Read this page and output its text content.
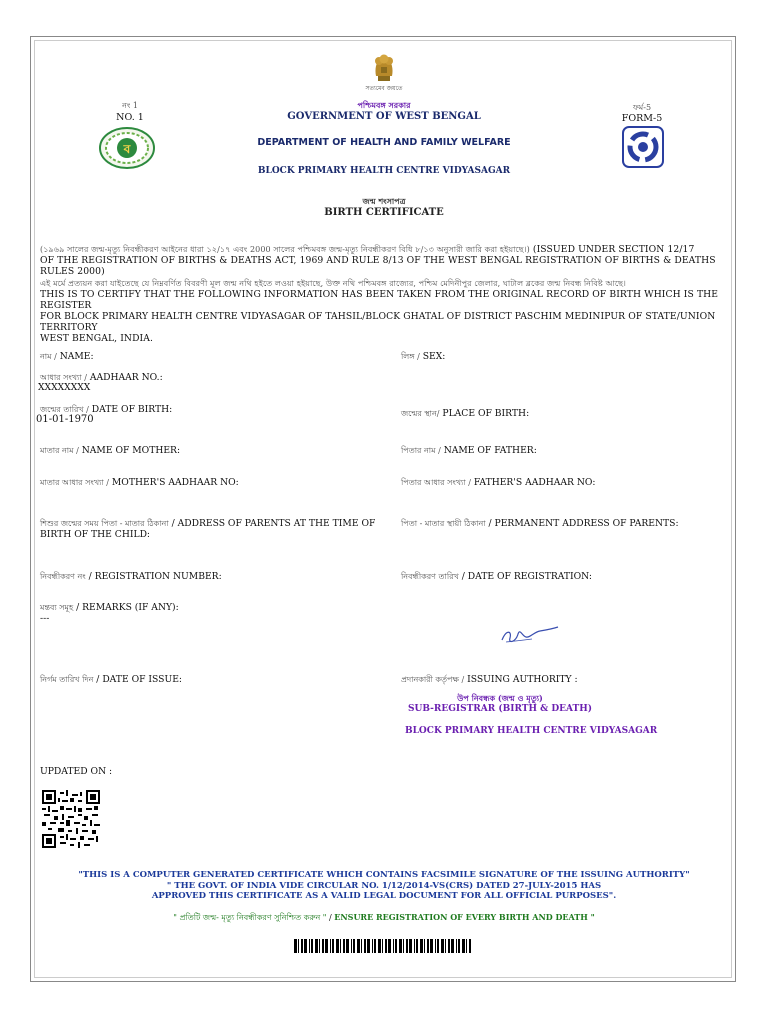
সত্যমেব জয়তে
নং 1
NO. 1
ব
ফর্ম-5
FORM-5
পশ্চিমবঙ্গ সরকার
GOVERNMENT OF WEST BENGAL
DEPARTMENT OF HEALTH AND FAMILY WELFARE
BLOCK PRIMARY HEALTH CENTRE VIDYASAGAR
জন্ম শংসাপত্র
BIRTH CERTIFICATE
(১৯৬৯ সালের জন্ম-মৃত্যু নিবন্ধীকরণ আইনের ধারা ১২/১৭ এবং 2000 সালের পশ্চিমবঙ্গ জন্ম-মৃত্যু নিবন্ধীকরণ বিধি ৮/১৩ অনুসারী জারি করা হইয়াছে।) (ISSUED UNDER SECTION 12/17
OF THE REGISTRATION OF BIRTHS & DEATHS ACT, 1969 AND RULE 8/13 OF THE WEST BENGAL REGISTRATION OF BIRTHS & DEATHS RULES 2000)
এই মর্মে প্রত্যয়ন করা যাইতেছে যে নিম্নবর্ণিত বিবরণী মূল জন্ম নথি হইতে লওয়া হইয়াছে, উক্ত নথি পশ্চিমবঙ্গ রাজ্যের, পশ্চিম মেদিনীপুর জেলার, ঘাটাল ব্লকের জন্ম নিবন্ধ নিবিষ্ট আছে।
THIS IS TO CERTIFY THAT THE FOLLOWING INFORMATION HAS BEEN TAKEN FROM THE ORIGINAL RECORD OF BIRTH WHICH IS THE REGISTER
FOR BLOCK PRIMARY HEALTH CENTRE VIDYASAGAR OF TAHSIL/BLOCK GHATAL OF DISTRICT PASCHIM MEDINIPUR OF STATE/UNION TERRITORY
WEST BENGAL, INDIA.
নাম / NAME:
আধার সংখ্যা / AADHAAR NO.:
XXXXXXXX
জন্মের তারিখ / DATE OF BIRTH:
01-01-1970
মাতার নাম / NAME OF MOTHER:
মাতার আধার সংখ্যা / MOTHER'S AADHAAR NO:
শিশুর জন্মের সময় পিতা - মাতার ঠিকানা / ADDRESS OF PARENTS AT THE TIME OF
BIRTH OF THE CHILD:
নিবন্ধীকরণ নং / REGISTRATION NUMBER:
মন্তব্য সমূহ / REMARKS (IF ANY):
---
নির্গম তারিখ দিন / DATE OF ISSUE:
লিঙ্গ / SEX:
জন্মের স্থান/ PLACE OF BIRTH:
পিতার নাম / NAME OF FATHER:
পিতার আধার সংখ্যা / FATHER'S AADHAAR NO:
পিতা - মাতার স্থায়ী ঠিকানা / PERMANENT ADDRESS OF PARENTS:
নিবন্ধীকরণ তারিখ / DATE OF REGISTRATION:
প্রদানকারী কর্তৃপক্ষ / ISSUING AUTHORITY :
উপ নিবন্ধক (জন্ম ও মৃত্যু)
SUB-REGISTRAR (BIRTH & DEATH)
BLOCK PRIMARY HEALTH CENTRE VIDYASAGAR
UPDATED ON :
"THIS IS A COMPUTER GENERATED CERTIFICATE WHICH CONTAINS FACSIMILE SIGNATURE OF THE ISSUING AUTHORITY"
" THE GOVT. OF INDIA VIDE CIRCULAR NO. 1/12/2014-VS(CRS) DATED 27-JULY-2015 HAS
APPROVED THIS CERTIFICATE AS A VALID LEGAL DOCUMENT FOR ALL OFFICIAL PURPOSES".
" প্রতিটি জন্ম- মৃত্যু নিবন্ধীকরণ সুনিশ্চিত করুন " / ENSURE REGISTRATION OF EVERY BIRTH AND DEATH "
